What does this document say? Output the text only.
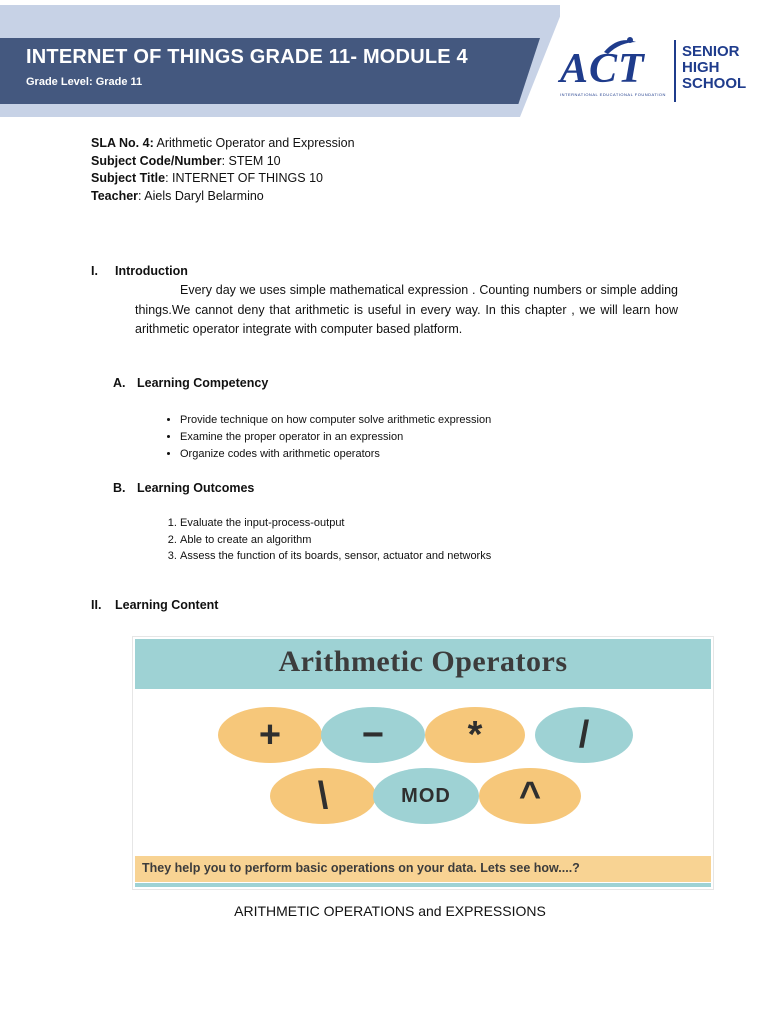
INTERNET OF THINGS GRADE 11- MODULE 4
Grade Level: Grade 11	ACT
INTERNATIONAL EDUCATIONAL FOUNDATION
SENIOR
HIGH
SCHOOL
SLA No. 4: Arithmetic Operator and Expression
Subject Code/Number: STEM 10
Subject Title: INTERNET OF THINGS 10
Teacher: Aiels Daryl Belarmino
I. Introduction
Every day we uses simple mathematical expression . Counting numbers or simple adding things.We cannot deny that arithmetic is useful in every way. In this chapter , we will learn how arithmetic operator integrate with computer based platform.
A. Learning Competency
• Provide technique on how computer solve arithmetic expression
• Examine the proper operator in an expression
• Organize codes with arithmetic operators
B. Learning Outcomes
1. Evaluate the input-process-output
2. Able to create an algorithm
3. Assess the function of its boards, sensor, actuator and networks
II. Learning Content
Arithmetic Operators
+ − *	/
\	MOD ^
They help you to perform basic operations on your data. Lets see how....?
ARITHMETIC OPERATIONS and EXPRESSIONS
